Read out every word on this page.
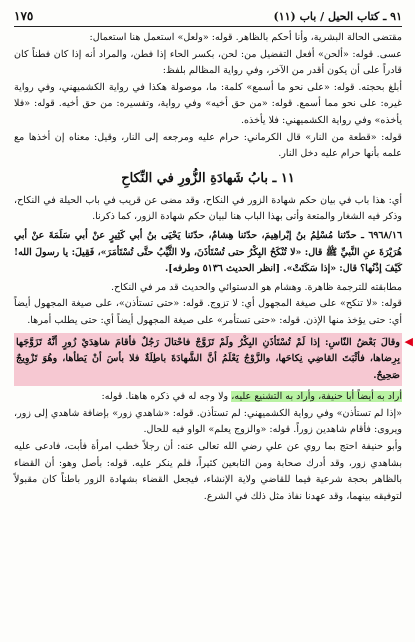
٩١ ـ كتاب الحيل / باب (١١)
١٧٥

مقتضى الحالة البشرية، وأنا أحكم بالظاهر. قوله: «ولعل» استعمل هنا استعمال:

عسى. قوله: «ألحن» أفعل التفضيل من: لحن، بكسر الحاء إذا فطن، والمراد أنه إذا كان فطناً كان قادراً على أن يكون أقدر من الآخر، وفي رواية المظالم بلفظ:

أبلغ بحجته. قوله: «على نحو ما أسمع» كلمة: ما، موصولة هكذا في رواية الكشميهني، وفي رواية غيره: على نحو مما أسمع. قوله: «من حق أخيه» وفي رواية، وتفسيره: من حق أخيه. قوله: «فلا يأخذه» وفي رواية الكشميهني: فلا يأخذه.

قوله: «قطعة من النار» قال الكرماني: حرام عليه ومرجعه إلى النار، وقيل: معناه إن أخذها مع علمه بأنها حرام عليه دخل النار.

١١ ـ بابُ شَهادَةِ الزُّورِ في النِّكاحِ

أي: هذا باب في بيان حكم شهادة الزور في النكاح، وقد مضى عن قريب في باب الحيلة في النكاح، وذكر فيه الشغار والمتعة وأتى بهذا الباب هنا لبيان حكم شهادة الزور، كما ذكرنا.

٦٩٦٨/١٦ ـ حدّثنا مُسْلِمُ بنُ إبْراهِيمَ، حدّثنا هِشامٌ، حدّثنا يَحْيَى بنُ أبي كَثِيرٍ عنْ أبي سَلَمَةَ عنْ أبي هُرَيْرَةَ عنِ النَّبيِّ ﷺ قال: «لا تُنْكَحُ البِكْرُ حتى تُسْتَأذَنَ، ولا الثَّيِّبُ حتَّى تُسْتَأمَرَ»، فَقِيلَ: يا رسولَ الله! كَيْفَ إذْنُها؟ قال: «إذا سَكَتَتْ». [انظر الحديث ٥١٣٦ وطرفه].

مطابقته للترجمة ظاهرة. وهشام هو الدستوائي والحديث قد مر في النكاح.

قوله: «لا تنكح» على صيغة المجهول أي: لا تزوج. قوله: «حتى تستأذن»، على صيغة المجهول أيضاً أي: حتى يؤخذ منها الإذن. قوله: «حتى تستأمر» على صيغة المجهول أيضاً أي: حتى يطلب أمرها.

◀

وقالَ بَعْضُ النّاسِ: إذا لَمْ تُسْتَأذَنِ البِكْرُ ولَمْ تَزَوَّجْ فاحْتالَ رَجُلٌ فأقامَ شاهِدَيْ زُورٍ أنَّهُ تَزَوَّجَها بِرِضاها، فأثْبَتَ القاضِي نِكاحَها، والزَّوْجُ يَعْلَمُ أنَّ الشَّهادَةَ باطِلَةٌ فلا بأسَ أنْ يَطأها، وهُوَ تَزْوِيجٌ صَحِيحٌ.

أراد به أيضاً أبا حنيفة، وأراد به التشنيع عليه، ولا وجه له في ذكره هاهنا. قوله:

«إذا لم تستأذن» وفي رواية الكشميهني: لم تستأذن. قوله: «شاهدي زور» بإضافة شاهدي إلى زور، ويروى: فأقام شاهدين زوراً. قوله: «والزوج يعلم» الواو فيه للحال.

وأبو حنيفة احتج بما روي عن علي رضي الله تعالى عنه: أن رجلاً خطب امرأة فأبت، فادعى عليه بشاهدي زور، وقد أدرك صحابة ومن التابعين كثيراً، فلم ينكر عليه. قوله: بأصل وهو: أن القضاء بالظاهر بحجة شرعية فيما للقاضي ولاية الإنشاء، فيجعل القضاء بشهادة الزور باطناً كان مقبولاً لتوفيقه بينهما، وقد عهدنا نفاذ مثل ذلك في الشرع.
